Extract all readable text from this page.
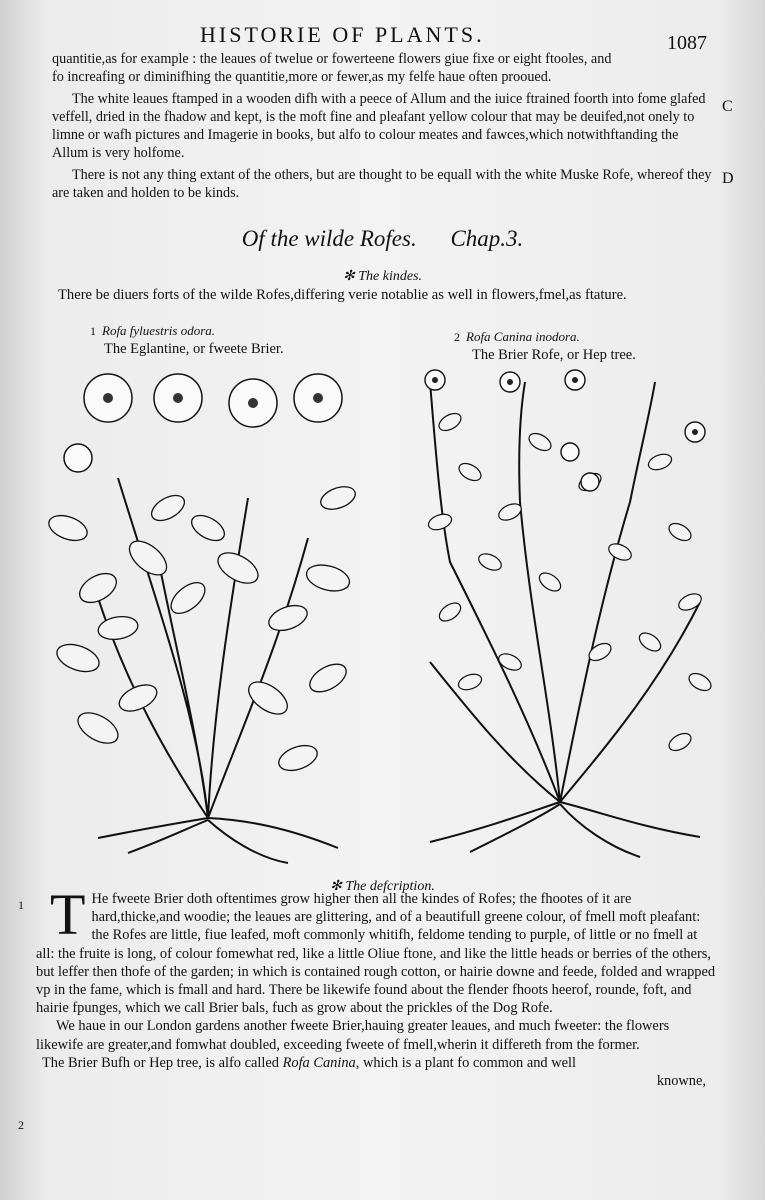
HISTORIE OF PLANTS.	1087

quantitie,as for example : the leaues of twelue or fowerteene flowers giue fixe or eight ftooles, and

fo increafing or diminifhing the quantitie,more or fewer,as my felfe haue often prooued.

The white leaues ftamped in a wooden difh with a peece of Allum and the iuice ftrained foorth into fome glafed veffell, dried in the fhadow and kept, is the moft fine and pleafant yellow colour that may be deuifed,not onely to limne or wafh pictures and Imagerie in books, but alfo to colour meates and fawces,which notwithftanding the Allum is very holfome.

There is not any thing extant of the others, but are thought to be equall with the white Muske Rofe, whereof they are taken and holden to be kinds.

C
D
Of the wilde Rofes. Chap.3.
✻ The kindes.
There be diuers forts of the wilde Rofes,differing verie notablie as well in flowers,fmel,as ftature.
1 Rofa fyluestris odora.
The Eglantine, or fweete Brier.
2 Rofa Canina inodora.
The Brier Rofe, or Hep tree.
✻ The defcription.
1 T He fweete Brier doth oftentimes grow higher then all the kindes of Rofes; the fhootes of it are hard,thicke,and woodie; the leaues are glittering, and of a beautifull greene colour, of fmell moft pleafant: the Rofes are little, fiue leafed, moft commonly whitifh, feldome tending to purple, of little or no fmell at all: the fruite is long, of colour fomewhat red, like a little Oliue ftone, and like the little heads or berries of the others, but leffer then thofe of the garden; in which is contained rough cotton, or hairie downe and feede, folded and wrapped vp in the fame, which is fmall and hard. There be likewife found about the flender fhoots heerof, rounde, foft, and hairie fpunges, which we call Brier bals, fuch as grow about the prickles of the Dog Rofe.

We haue in our London gardens another fweete Brier,hauing greater leaues, and much fweeter: the flowers likewife are greater,and fomwhat doubled, exceeding fweete of fmell,wherin it differeth from the former.

The Brier Bufh or Hep tree, is alfo called Rofa Canina, which is a plant fo common and well

knowne,

2
